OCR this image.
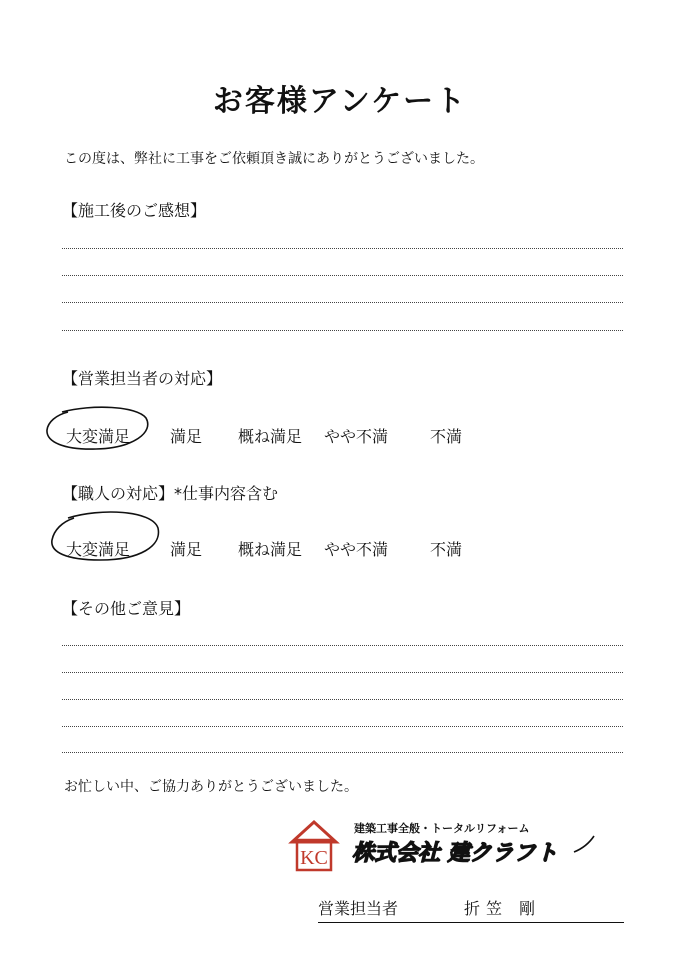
お客様アンケート
この度は、弊社に工事をご依頼頂き誠にありがとうございました。
【施工後のご感想】
【営業担当者の対応】
大変満足 満足 概ね満足 やや不満	不満
【職人の対応】*仕事内容含む
大変満足 満足 概ね満足 やや不満	不満
【その他ご意見】
お忙しい中、ご協力ありがとうございました。
KC
建築工事全般・トータルリフォーム
株式会社 建クラフト
営業担当者	折笠 剛
